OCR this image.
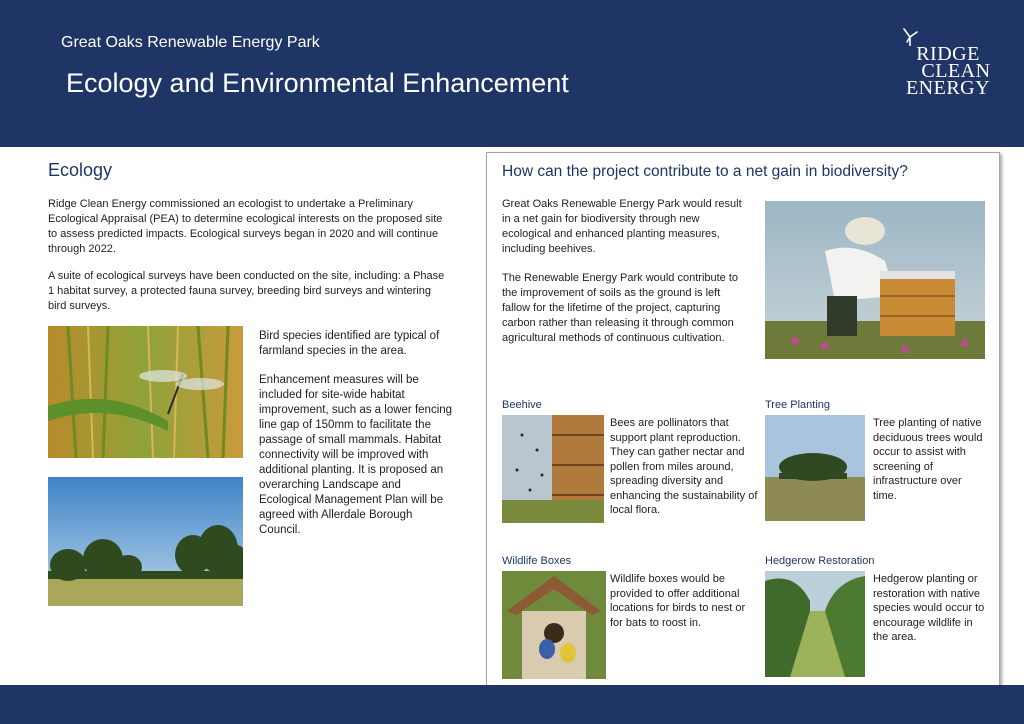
Great Oaks Renewable Energy Park
Ecology and Environmental Enhancement
RIDGE
CLEAN
ENERGY
Ecology

Ridge Clean Energy commissioned an ecologist to undertake a Preliminary Ecological Appraisal (PEA) to determine ecological interests on the proposed site to assess predicted impacts. Ecological surveys began in 2020 and will continue through 2022.

A suite of ecological surveys have been conducted on the site, including: a Phase 1 habitat survey, a protected fauna survey, breeding bird surveys and wintering bird surveys.

Bird species identified are typical of farmland species in the area.

Enhancement measures will be included for site-wide habitat improvement, such as a lower fencing line gap of 150mm to facilitate the passage of small mammals. Habitat connectivity will be improved with additional planting. It is proposed an overarching Landscape and Ecological Management Plan will be agreed with Allerdale Borough Council.

How can the project contribute to a net gain in biodiversity?

Great Oaks Renewable Energy Park would result in a net gain for biodiversity through new ecological and enhanced planting measures, including beehives.

The Renewable Energy Park would contribute to the improvement of soils as the ground is left fallow for the lifetime of the project, capturing carbon rather than releasing it through common agricultural methods of continuous cultivation.

Beehive
Bees are pollinators that support plant reproduction. They can gather nectar and pollen from miles around, spreading diversity and enhancing the sustainability of local flora.
Tree Planting
Tree planting of native deciduous trees would occur to assist with screening of infrastructure over time.
Wildlife Boxes
Wildlife boxes would be provided to offer additional locations for birds to nest or for bats to roost in.
Hedgerow Restoration
Hedgerow planting or restoration with native species would occur to encourage wildlife in the area.
